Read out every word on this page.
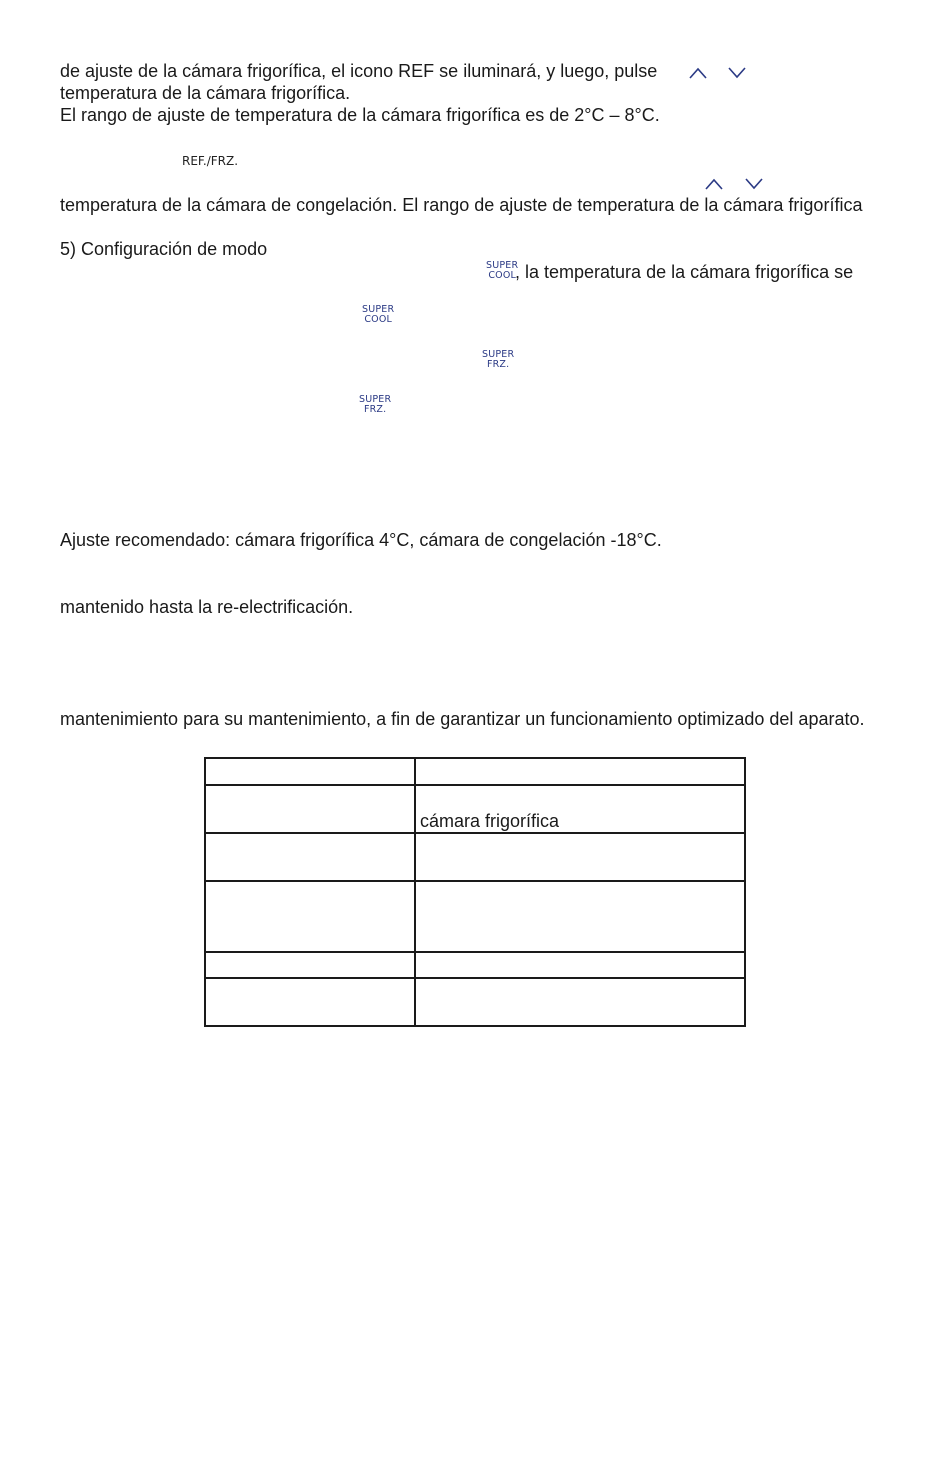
de ajuste de la cámara frigorífica, el icono REF se iluminará, y luego, pulse
temperatura de la cámara frigorífica.
El rango de ajuste de temperatura de la cámara frigorífica es de 2°C – 8°C.
REF./FRZ.
temperatura de la cámara de congelación. El rango de ajuste de temperatura de la cámara frigorífica
5) Configuración de modo
SUPER
COOL , la temperatura de la cámara frigorífica se
SUPER
COOL
SUPER
FRZ.
SUPER
FRZ.
Ajuste recomendado: cámara frigorífica 4°C, cámara de congelación -18°C.
mantenido hasta la re-electrificación.
mantenimiento para su mantenimiento, a fin de garantizar un funcionamiento optimizado del aparato.

	cámara frigorífica
